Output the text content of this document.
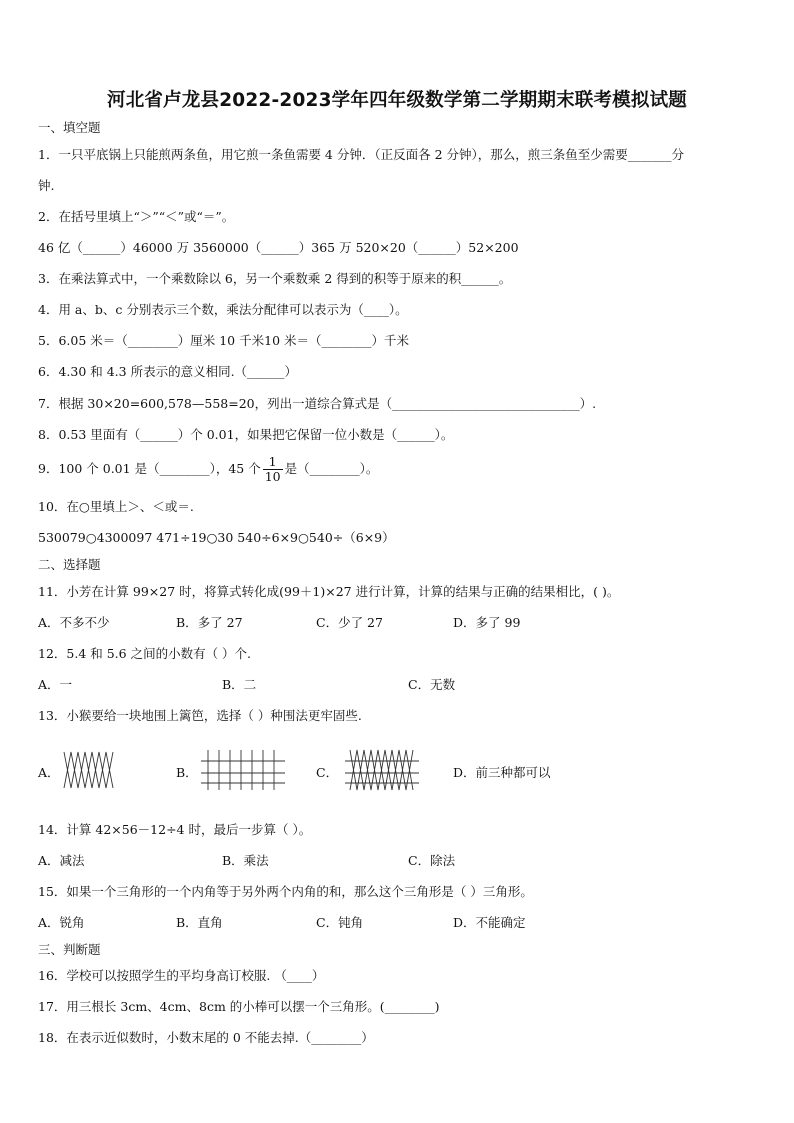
河北省卢龙县2022-2023学年四年级数学第二学期期末联考模拟试题
一、填空题
1．一只平底锅上只能煎两条鱼，用它煎一条鱼需要 4 分钟．（正反面各 2 分钟），那么，煎三条鱼至少需要_______分
钟.
2．在括号里填上“＞”“＜”或“＝”。
46 亿（______）46000 万 3560000（______）365 万 520×20（______）52×200
3．在乘法算式中，一个乘数除以 6，另一个乘数乘 2 得到的积等于原来的积______。
4．用 a、b、c 分别表示三个数，乘法分配律可以表示为（____）。
5．6.05 米＝（________）厘米 10 千米10 米＝（________）千米
6．4.30 和 4.3 所表示的意义相同.（______）
7．根据 30×20=600,578—558=20，列出一道综合算式是（______________________________）.
8．0.53 里面有（______）个 0.01，如果把它保留一位小数是（______）。
9．100 个 0.01 是（________），45 个 $\frac{1}{10}$ 是（________）。
10．在○里填上＞、＜或＝.
530079○4300097 471÷19○30 540÷6×9○540÷（6×9）
二、选择题
11．小芳在计算 99×27 时，将算式转化成(99＋1)×27 进行计算，计算的结果与正确的结果相比，( )。
A．不多不少	B．多了 27	C．少了 27	D．多了 99
12．5.4 和 5.6 之间的小数有（ ）个.
A．一	B．二	C．无数
13．小猴要给一块地围上篱笆，选择（ ）种围法更牢固些.
A．	B．	C．	D．前三种都可以
14．计算 42×56－12÷4 时，最后一步算（ ）。
A．减法	B．乘法	C．除法
15．如果一个三角形的一个内角等于另外两个内角的和，那么这个三角形是（ ）三角形。
A．锐角	B．直角	C．钝角	D．不能确定
三、判断题
16．学校可以按照学生的平均身高订校服. （____）
17．用三根长 3cm、4cm、8cm 的小棒可以摆一个三角形。(________)
18．在表示近似数时，小数末尾的 0 不能去掉.（________）
